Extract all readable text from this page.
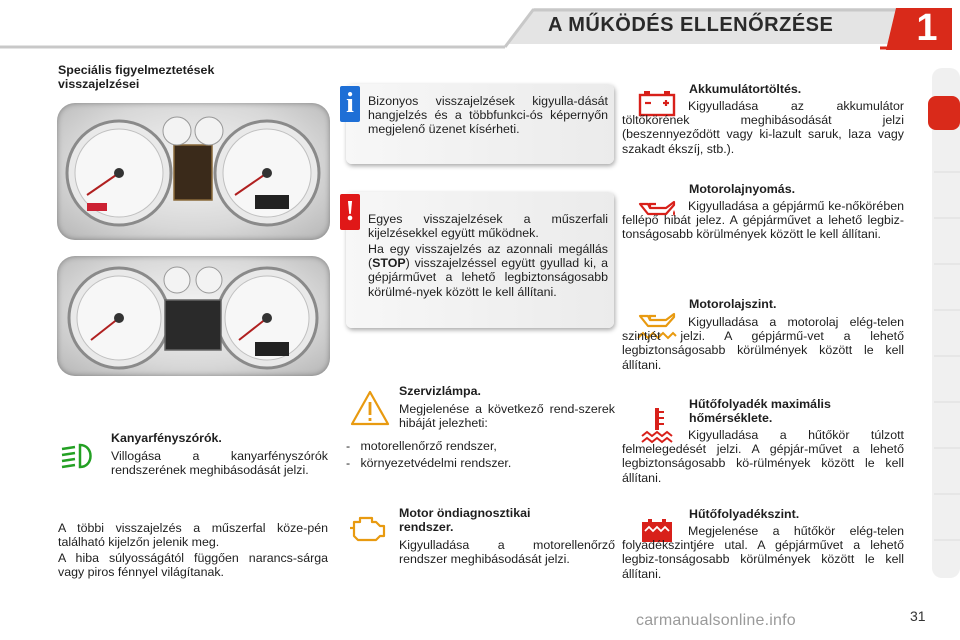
A MŰKÖDÉS ELLENŐRZÉSE	1
Speciális figyelmeztetések
visszajelzései
Kanyarfényszórók.
Villogása a kanyarfényszórók rendszerének meghibásodását jelzi.
A többi visszajelzés a műszerfal köze-pén található kijelzőn jelenik meg.
A hiba súlyosságától függően narancs-sárga vagy piros fénnyel világítanak.
Bizonyos visszajelzések kigyulla-dását hangjelzés és a többfunkci-ós képernyőn megjelenő üzenet kísérheti.
i
Egyes visszajelzések a műszerfali kijelzésekkel együtt működnek.
Ha egy visszajelzés az azonnali megállás (STOP) visszajelzéssel együtt gyullad ki, a gépjárművet a lehető legbiztonságosabb körülmé-nyek között le kell állítani.
!
Szervizlámpa.
Megjelenése a következő rend-szerek hibáját jelezheti:
-   motorellenőrző rendszer,
-   környezetvédelmi rendszer.
Motor öndiagnosztikai
rendszer.
Kigyulladása a motorellenőrző rendszer meghibásodását jelzi.
Akkumulátortöltés.
Kigyulladása az akkumulátor töltőkörének meghibásodását jelzi (beszennyeződött vagy ki-lazult saruk, laza vagy szakadt ékszíj, stb.).
Motorolajnyomás.
Motorolajszint.
Hűtőfolyadék maximális
hőmérséklete.
Hűtőfolyadékszint.
Kigyulladása a gépjármű ke-nőkörében fellépő hibát jelez. A gépjárművet a lehető legbiz-tonságosabb körülmények között le kell állítani.
Kigyulladása a motorolaj elég-telen szintjét jelzi. A gépjármű-vet a lehető legbiztonságosabb körülmények között le kell állítani.
Kigyulladása a hűtőkör túlzott felmelegedését jelzi. A gépjár-művet a lehető legbiztonságosabb kö-rülmények között le kell állítani.
Megjelenése a hűtőkör elég-telen folyadékszintjére utal. A gépjárművet a lehető legbiz-tonságosabb körülmények között le kell állítani.
31
carmanualsonline.info
